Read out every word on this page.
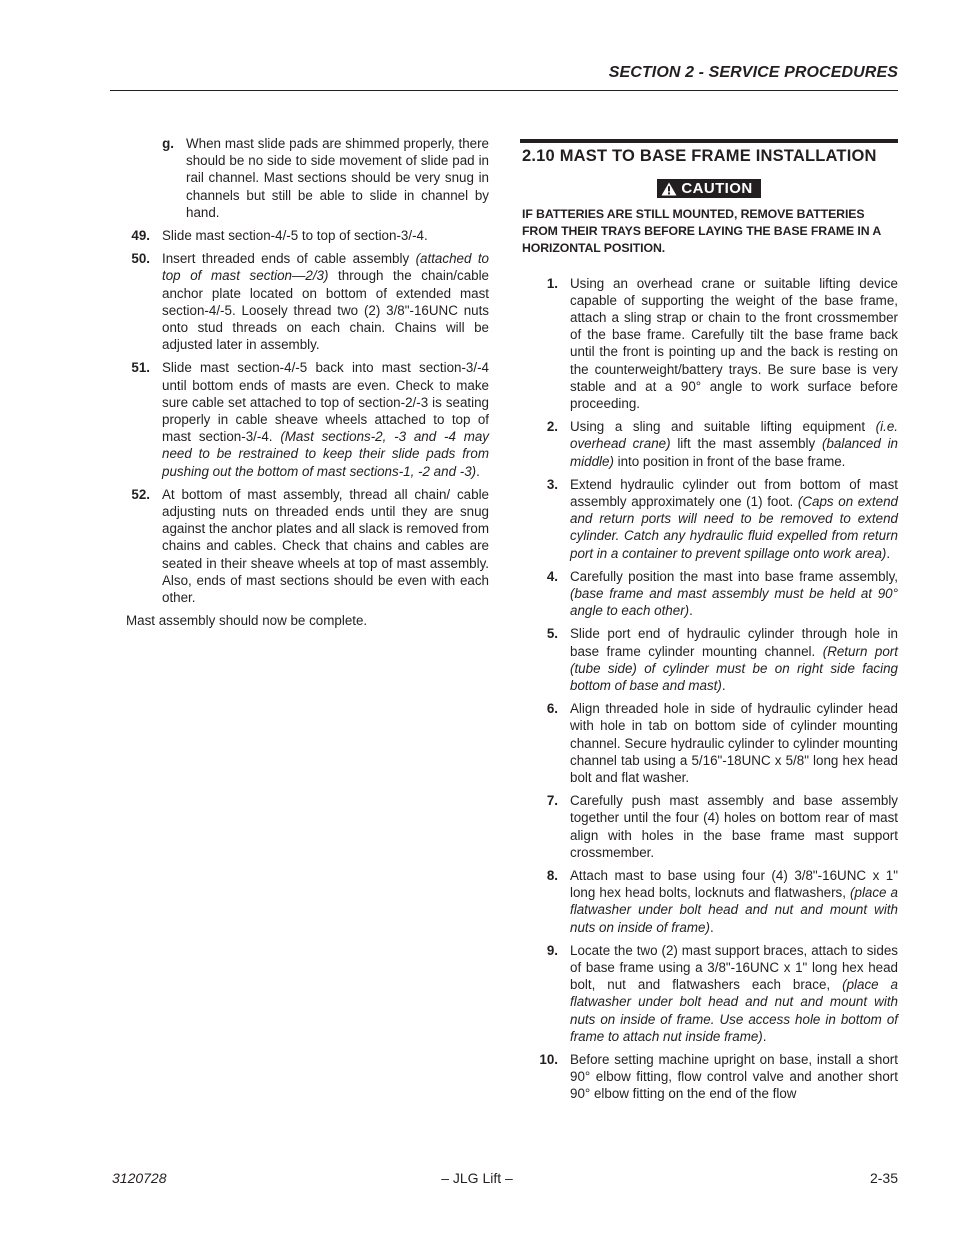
SECTION 2 - SERVICE PROCEDURES
g. When mast slide pads are shimmed properly, there should be no side to side movement of slide pad in rail channel. Mast sections should be very snug in channels but still be able to slide in channel by hand.
49. Slide mast section-4/-5 to top of section-3/-4.
50. Insert threaded ends of cable assembly (attached to top of mast section—2/3) through the chain/cable anchor plate located on bottom of extended mast section-4/-5. Loosely thread two (2) 3/8"-16UNC nuts onto stud threads on each chain. Chains will be adjusted later in assembly.
51. Slide mast section-4/-5 back into mast section-3/-4 until bottom ends of masts are even. Check to make sure cable set attached to top of section-2/-3 is seating properly in cable sheave wheels attached to top of mast section-3/-4. (Mast sections-2, -3 and -4 may need to be restrained to keep their slide pads from pushing out the bottom of mast sections-1, -2 and -3).
52. At bottom of mast assembly, thread all chain/ cable adjusting nuts on threaded ends until they are snug against the anchor plates and all slack is removed from chains and cables. Check that chains and cables are seated in their sheave wheels at top of mast assembly. Also, ends of mast sections should be even with each other.
Mast assembly should now be complete.
2.10 MAST TO BASE FRAME INSTALLATION
CAUTION
IF BATTERIES ARE STILL MOUNTED, REMOVE BATTERIES FROM THEIR TRAYS BEFORE LAYING THE BASE FRAME IN A HORIZONTAL POSITION.
1. Using an overhead crane or suitable lifting device capable of supporting the weight of the base frame, attach a sling strap or chain to the front crossmember of the base frame. Carefully tilt the base frame back until the front is pointing up and the back is resting on the counterweight/battery trays. Be sure base is very stable and at a 90° angle to work surface before proceeding.
2. Using a sling and suitable lifting equipment (i.e. overhead crane) lift the mast assembly (balanced in middle) into position in front of the base frame.
3. Extend hydraulic cylinder out from bottom of mast assembly approximately one (1) foot. (Caps on extend and return ports will need to be removed to extend cylinder. Catch any hydraulic fluid expelled from return port in a container to prevent spillage onto work area).
4. Carefully position the mast into base frame assembly, (base frame and mast assembly must be held at 90° angle to each other).
5. Slide port end of hydraulic cylinder through hole in base frame cylinder mounting channel. (Return port (tube side) of cylinder must be on right side facing bottom of base and mast).
6. Align threaded hole in side of hydraulic cylinder head with hole in tab on bottom side of cylinder mounting channel. Secure hydraulic cylinder to cylinder mounting channel tab using a 5/16"-18UNC x 5/8" long hex head bolt and flat washer.
7. Carefully push mast assembly and base assembly together until the four (4) holes on bottom rear of mast align with holes in the base frame mast support crossmember.
8. Attach mast to base using four (4) 3/8"-16UNC x 1" long hex head bolts, locknuts and flatwashers, (place a flatwasher under bolt head and nut and mount with nuts on inside of frame).
9. Locate the two (2) mast support braces, attach to sides of base frame using a 3/8"-16UNC x 1" long hex head bolt, nut and flatwashers each brace, (place a flatwasher under bolt head and nut and mount with nuts on inside of frame. Use access hole in bottom of frame to attach nut inside frame).
10. Before setting machine upright on base, install a short 90° elbow fitting, flow control valve and another short 90° elbow fitting on the end of the flow
3120728	– JLG Lift –	2-35
